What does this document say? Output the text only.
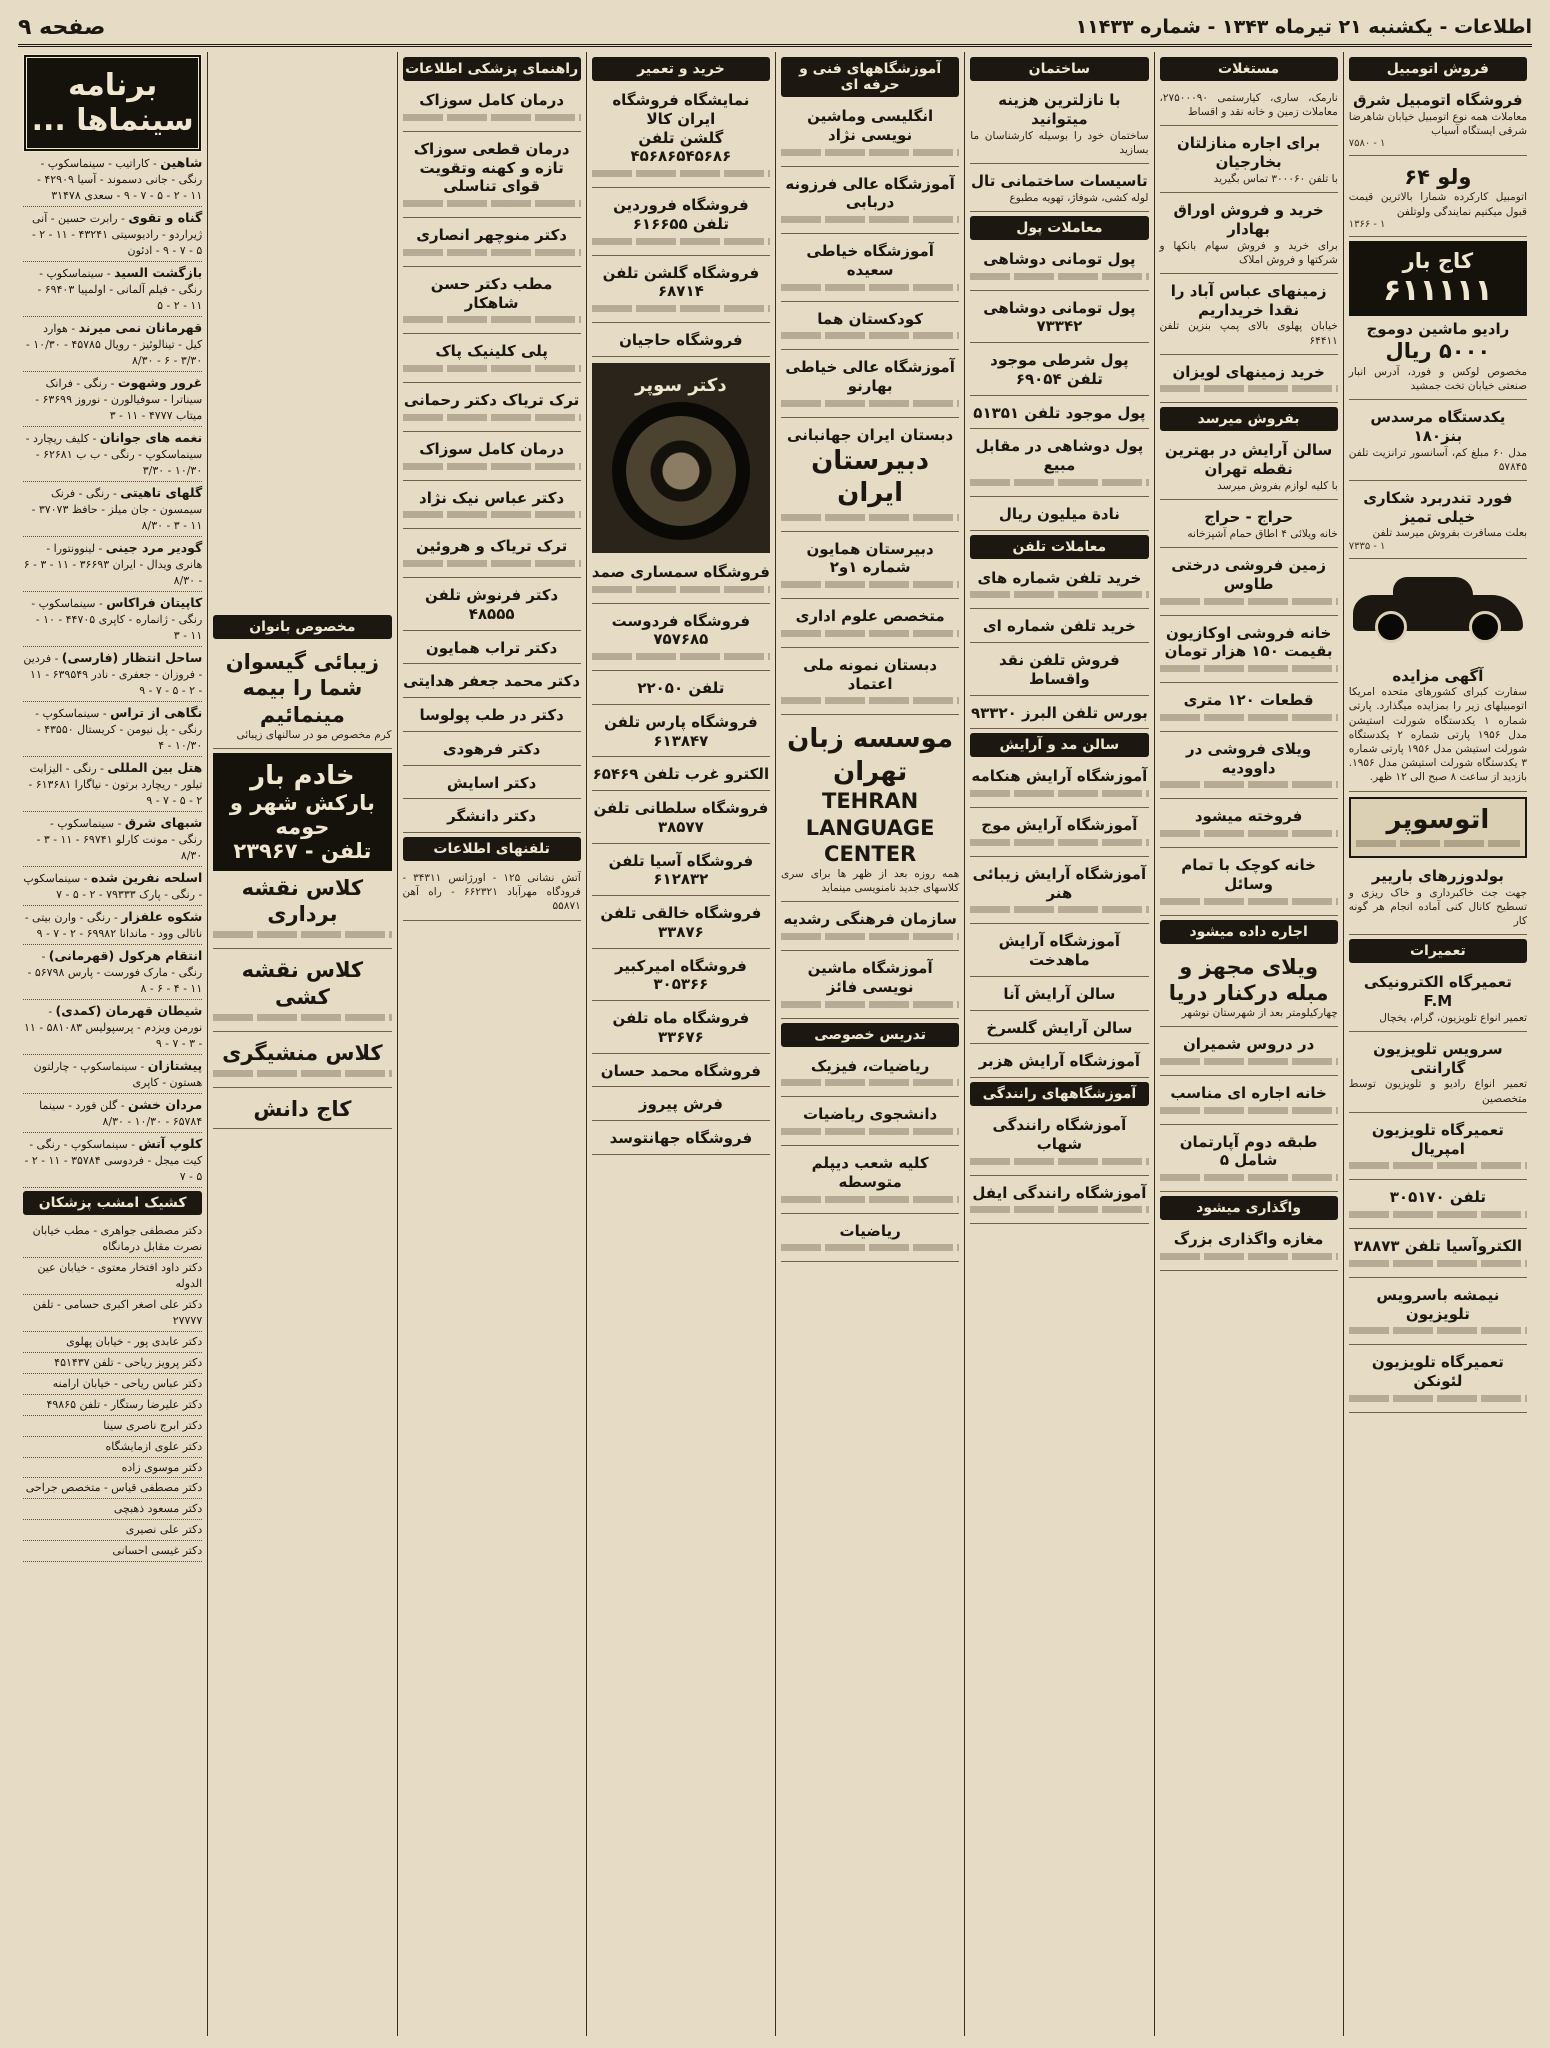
اطلاعات - یکشنبه ۲۱ تیرماه ۱۳۴۳ - شماره ۱۱۴۳۳
صفحه ۹
فروش اتومبیل
فروشگاه اتومبیل شرق
معاملات همه نوع اتومبیل خیابان شاهرضا شرقی ایستگاه آسیاب
۷۵۸۰ - ۱
ولو ۶۴
اتومبیل کارکرده شمارا بالاترین قیمت قبول میکنیم نمایندگی ولوتلفن
۱۳۶۶ - ۱
کاج بار
۶۱۱۱۱۱
رادیو ماشین دوموج
۵۰۰۰ ریال
مخصوص لوکس و فورد، آدرس انبار صنعتی خیابان تخت جمشید
یکدستگاه مرسدس بنز۱۸۰
مدل ۶۰ مبلغ کم، آسانسور ترانزیت تلفن ۵۷۸۴۵
فورد تندربرد شکاری خیلی تمیز
بعلت مسافرت بفروش میرسد تلفن
۷۳۳۵ - ۱
آگهی مزایده
سفارت کبرای کشورهای متحده امریکا اتومبیلهای زیر را بمزایده میگذارد. پارتی شماره ۱ یکدستگاه شورلت استیشن مدل ۱۹۵۶ پارتی شماره ۲ یکدستگاه شورلت استیشن مدل ۱۹۵۶ پارتی شماره ۳ یکدستگاه شورلت استیشن مدل ۱۹۵۶. بازدید از ساعت ۸ صبح الی ۱۲ ظهر.
اتوسوپر
بولدوزرهای بارییر
جهت جت خاکبرداری و خاک ریزی و تسطیح کانال کنی آماده انجام هر گونه کار
تعمیرات
تعمیرگاه الکترونیکی F.M
تعمیر انواع تلویزیون، گرام، یخچال
سرویس تلویزیون گارانتی
تعمیر انواع رادیو و تلویزیون توسط متخصصین
تعمیرگاه تلویزیون امپریال
تلفن ۳۰۵۱۷۰
الکتروآسیا تلفن ۳۸۸۷۳
نیمشه باسرویس تلویزیون
تعمیرگاه تلویزیون لئونکن
مستغلات
نارمک، ساری، کیارستمی ۲۷۵۰۰۰۹۰، معاملات زمین و خانه نقد و اقساط
برای اجاره منازلتان بخارجیان
با تلفن ۳۰۰۰۶۰ تماس بگیرید
خرید و فروش اوراق بهادار
برای خرید و فروش سهام بانکها و شرکتها و فروش املاک
زمینهای عباس آباد را نقدا خریداریم
خیابان پهلوی بالای پمپ بنزین تلفن ۶۴۴۱۱
خرید زمینهای لویزان
بفروش میرسد
سالن آرایش در بهترین نقطه تهران
با کلیه لوازم بفروش میرسد
حراج - حراج
خانه ویلائی ۴ اطاق حمام آشپزخانه
زمین فروشی درختی طاوس
خانه فروشی اوکازیون بقیمت ۱۵۰ هزار تومان
قطعات ۱۲۰ متری
ویلای فروشی در داوودیه
فروخته میشود
خانه کوچک با تمام وسائل
اجاره داده میشود
ویلای مجهز و مبله درکنار دریا
چهارکیلومتر بعد از شهرستان نوشهر
در دروس شمیران
خانه اجاره ای مناسب
طبقه دوم آپارتمان شامل ۵
واگذاری میشود
مغازه واگذاری بزرگ
ساختمان
با نازلترین هزینه میتوانید
ساختمان خود را بوسیله کارشناسان ما بسازید
تاسیسات ساختمانی تال
لوله کشی، شوفاژ، تهویه مطبوع
معاملات پول
پول تومانی دوشاهی
پول تومانی دوشاهی ۷۳۳۴۲
پول شرطی موجود تلفن ۶۹۰۵۴
پول موجود تلفن ۵۱۳۵۱
پول دوشاهی در مقابل مبیع
نادة میلیون ریال
معاملات تلفن
خرید تلفن شماره های
خرید تلفن شماره ای
فروش تلفن نقد واقساط
بورس تلفن البرز ۹۳۳۲۰
سالن مد و آرایش
آموزشگاه آرایش هنکامه
آموزشگاه آرایش موج
آموزشگاه آرایش زیبائی هنر
آموزشگاه آرایش ماهدخت
سالن آرایش آنا
سالن آرایش گلسرخ
آموزشگاه آرایش هزبر
آموزشگاههای رانندگی
آموزشگاه رانندگی شهاب
آموزشگاه رانندگی ایفل
آموزشگاههای فنی و حرفه ای
انگلیسی وماشین نویسی نژاد
آموزشگاه عالی فرزونه دربابی
آموزشگاه خیاطی سعیده
کودکستان هما
آموزشگاه عالی خیاطی بهارنو
دبستان ایران جهانبانی
دبیرستان ایران
دبیرستان همایون شماره ۱و۲
متخصص علوم اداری
دبستان نمونه ملی اعتماد
موسسه زبان تهران
TEHRAN LANGUAGE CENTER
همه روزه بعد از ظهر ها برای سری کلاسهای جدید نامنویسی مینماید
سازمان فرهنگی رشدیه
آموزشگاه ماشین نویسی فائز
تدریس خصوصی
ریاضیات، فیزیک
دانشجوی ریاضیات
کلیه شعب دیپلم متوسطه
ریاضیات
خرید و تعمیر
نمایشگاه فروشگاه ایران کالا
گلشن تلفن ۴۵۶۸۶۵۴۵۶۸۶
فروشگاه فروردین
تلفن ۶۱۶۶۵۵
فروشگاه گلشن تلفن ۶۸۷۱۴
فروشگاه حاجیان
دکتر سوپر
فروشگاه سمساری صمد
فروشگاه فردوست ۷۵۷۶۸۵
تلفن ۲۲۰۵۰
فروشگاه پارس تلفن ۶۱۳۸۴۷
الکترو غرب تلفن ۶۵۴۶۹
فروشگاه سلطانی تلفن ۳۸۵۷۷
فروشگاه آسیا تلفن ۶۱۲۸۳۲
فروشگاه خالقی تلفن ۳۳۸۷۶
فروشگاه امیرکبیر ۳۰۵۳۶۶
فروشگاه ماه تلفن ۳۳۶۷۶
فروشگاه محمد حسان
فرش پیروز
فروشگاه جهانتوسد
راهنمای پزشکی اطلاعات
درمان کامل سوزاک
درمان قطعی سوزاک تازه و کهنه وتقویت قوای تناسلی
دکتر منوچهر انصاری
مطب دکتر حسن شاهکار
پلی کلینیک پاک
ترک تریاک دکتر رحمانی
درمان کامل سوزاک
دکتر عباس نیک نژاد
ترک تریاک و هروئین
دکتر فرنوش تلفن ۴۸۵۵۵
دکتر تراب همایون
دکتر محمد جعفر هدایتی
دکتر در طب پولوسا
دکتر فرهودی
دکتر اسایش
دکتر دانشگر
تلفنهای اطلاعات
آتش نشانی ۱۲۵ - اورژانس ۳۴۳۱۱ - فرودگاه مهرآباد ۶۶۲۳۲۱ - راه آهن ۵۵۸۷۱
مخصوص بانوان
زیبائی گیسوان شما را بیمه مینمائیم
کرم مخصوص مو در سالنهای زیبائی
خادم بار
بارکش شهر و حومه
تلفن - ۲۳۹۶۷
کلاس نقشه برداری
کلاس نقشه کشی
کلاس منشیگری
کاج دانش
برنامه سینماها ...
شاهین - کاراتیب - سینماسکوپ - رنگی - جانی دسموند - آسیا ۴۲۹۰۹ - ۱۱ - ۲ - ۵ - ۷ - ۹ - سعدی ۳۱۴۷۸
گناه و تقوی - رابرت حسین - آنی ژیراردو - رادیوسیتی ۴۳۲۴۱ - ۱۱ - ۲ - ۵ - ۷ - ۹ - ادئون
بازگشت السید - سینماسکوپ - رنگی - فیلم آلمانی - اولمپیا ۶۹۴۰۳ - ۱۱ - ۲ - ۵
قهرمانان نمی میرند - هوارد کیل - تینالوئیز - رویال ۴۵۷۸۵ - ۱۰/۳۰ - ۳/۳۰ - ۶ - ۸/۳۰
غرور وشهوت - رنگی - فرانک سیناترا - سوفیالورن - نوروز ۶۳۶۹۹ - میتاب ۴۷۷۷ - ۱۱ - ۳
نغمه های جوانان - کلیف ریچارد - سینماسکوپ - رنگی - ب ب ۶۲۶۸۱ - ۱۰/۳۰ - ۳/۳۰
گلهای تاهیتی - رنگی - فرنک سیمسون - جان میلز - حافظ ۳۷۰۷۳ - ۱۱ - ۳ - ۸/۳۰
گودیر مرد جینی - لینوونتورا - هانری ویدال - ایران ۳۶۶۹۳ - ۱۱ - ۳ - ۶ - ۸/۳۰
کاپیتان فراکاس - سینماسکوپ - رنگی - ژانماره - کاپری ۴۴۷۰۵ - ۱۰ - ۱۱ - ۳
ساحل انتظار (فارسی) - فردین - فروزان - جعفری - نادر ۶۳۹۵۴۹ - ۱۱ - ۲ - ۵ - ۷ - ۹
نگاهی از تراس - سینماسکوپ - رنگی - پل نیومن - کریستال ۴۳۵۵۰ - ۱۰/۳۰ - ۴
هتل بین المللی - رنگی - الیزابت تیلور - ریچارد برتون - نیاگارا ۶۱۳۶۸۱ - ۲ - ۵ - ۷ - ۹
شبهای شرق - سینماسکوپ - رنگی - مونت کارلو ۶۹۷۴۱ - ۱۱ - ۳ - ۸/۳۰
اسلحه نفرین شده - سینماسکوپ - رنگی - پارک ۷۹۳۳۳ - ۲ - ۵ - ۷
شکوه علفزار - رنگی - وارن بیتی - ناتالی وود - ماندانا ۶۹۹۸۲ - ۲ - ۷ - ۹
انتقام هرکول (قهرمانی) - رنگی - مارک فورست - پارس ۵۶۷۹۸ - ۱۱ - ۴ - ۶ - ۸
شیطان قهرمان (کمدی) - نورمن ویزدم - پرسپولیس ۵۸۱۰۸۳ - ۱۱ - ۳ - ۷ - ۹
پیشتازان - سینماسکوپ - چارلتون هستون - کاپری
مردان خشن - گلن فورد - سینما ۶۵۷۸۴ - ۱۰/۳۰ - ۸/۳۰
کلوپ آتش - سینماسکوپ - رنگی - کیت میجل - فردوسی ۳۵۷۸۴ - ۱۱ - ۲ - ۵ - ۷
کشیک امشب پزشکان
دکتر مصطفی جواهری - مطب خیابان نصرت مقابل درمانگاه
دکتر داود افتخار معتوی - خیابان عین الدوله
دکتر علی اصغر اکبری حسامی - تلفن ۲۷۷۷۷
دکتر عابدی پور - خیابان پهلوی
دکتر پرویز ریاحی - تلفن ۴۵۱۴۳۷
دکتر عباس ریاحی - خیابان ارامنه
دکتر علیرضا رستگار - تلفن ۴۹۸۶۵
دکتر ابرج ناصری سینا
دکتر علوی ازمایشگاه
دکتر موسوی زاده
دکتر مصطفی قیاس - متخصص جراحی
دکتر مسعود ذهبچی
دکتر علی نصیری
دکتر غیسی احسانی
